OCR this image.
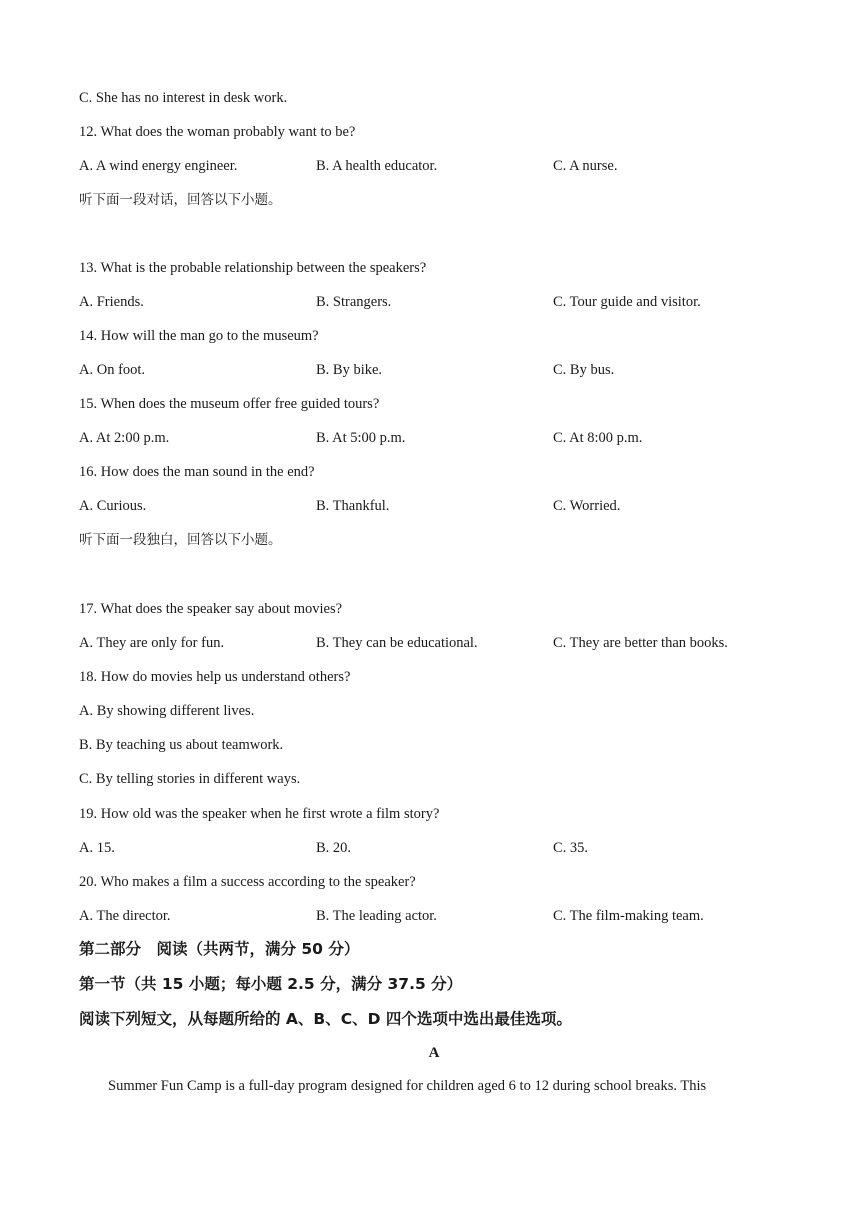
C. She has no interest in desk work.
12. What does the woman probably want to be?
A. A wind energy engineer.	B. A health educator.	C. A nurse.
听下面一段对话，回答以下小题。
13. What is the probable relationship between the speakers?
A. Friends.	B. Strangers.	C. Tour guide and visitor.
14. How will the man go to the museum?
A. On foot.	B. By bike.	C. By bus.
15. When does the museum offer free guided tours?
A. At 2:00 p.m.	B. At 5:00 p.m.	C. At 8:00 p.m.
16. How does the man sound in the end?
A. Curious.	B. Thankful.	C. Worried.
听下面一段独白，回答以下小题。
17. What does the speaker say about movies?
A. They are only for fun.	B. They can be educational.	C. They are better than books.
18. How do movies help us understand others?
A. By showing different lives.
B. By teaching us about teamwork.
C. By telling stories in different ways.
19. How old was the speaker when he first wrote a film story?
A. 15.	B. 20.	C. 35.
20. Who makes a film a success according to the speaker?
A. The director.	B. The leading actor.	C. The film-making team.
第二部分　阅读（共两节，满分 50 分）
第一节（共 15 小题；每小题 2.5 分，满分 37.5 分）
阅读下列短文，从每题所给的 A、B、C、D 四个选项中选出最佳选项。
A
Summer Fun Camp is a full-day program designed for children aged 6 to 12 during school breaks. This
